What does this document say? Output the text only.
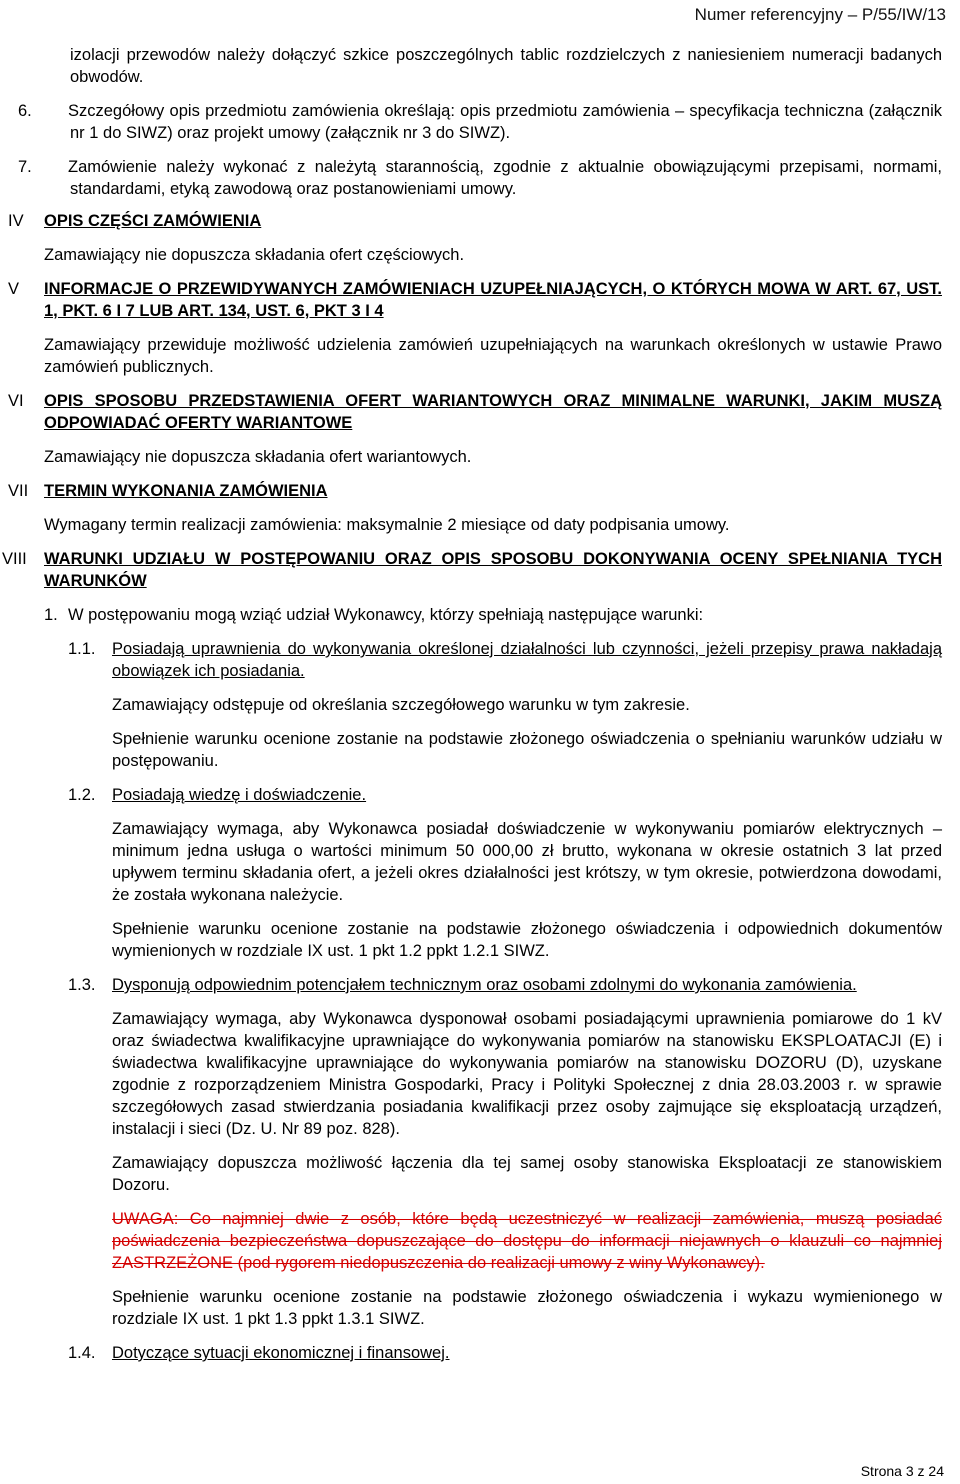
Numer referencyjny – P/55/IW/13

izolacji przewodów należy dołączyć szkice poszczególnych tablic rozdzielczych z naniesieniem numeracji badanych obwodów.

6. Szczegółowy opis przedmiotu zamówienia określają: opis przedmiotu zamówienia – specyfikacja techniczna (załącznik nr 1 do SIWZ) oraz projekt umowy (załącznik nr 3 do SIWZ).

7. Zamówienie należy wykonać z należytą starannością, zgodnie z aktualnie obowiązującymi przepisami, normami, standardami, etyką zawodową oraz postanowieniami umowy.

IV OPIS CZĘŚCI ZAMÓWIENIA

Zamawiający nie dopuszcza składania ofert częściowych.

V INFORMACJE O PRZEWIDYWANYCH ZAMÓWIENIACH UZUPEŁNIAJĄCYCH, O KTÓRYCH MOWA W ART. 67, UST. 1, PKT. 6 I 7 LUB ART. 134, UST. 6, PKT 3 I 4

Zamawiający przewiduje możliwość udzielenia zamówień uzupełniających na warunkach określonych w ustawie Prawo zamówień publicznych.

VI OPIS SPOSOBU PRZEDSTAWIENIA OFERT WARIANTOWYCH ORAZ MINIMALNE WARUNKI, JAKIM MUSZĄ ODPOWIADAĆ OFERTY WARIANTOWE

Zamawiający nie dopuszcza składania ofert wariantowych.

VII TERMIN WYKONANIA ZAMÓWIENIA

Wymagany termin realizacji zamówienia: maksymalnie 2 miesiące od daty podpisania umowy.

VIII WARUNKI UDZIAŁU W POSTĘPOWANIU ORAZ OPIS SPOSOBU DOKONYWANIA OCENY SPEŁNIANIA TYCH WARUNKÓW

1. W postępowaniu mogą wziąć udział Wykonawcy, którzy spełniają następujące warunki:

1.1. Posiadają uprawnienia do wykonywania określonej działalności lub czynności, jeżeli przepisy prawa nakładają obowiązek ich posiadania.

Zamawiający odstępuje od określania szczegółowego warunku w tym zakresie.

Spełnienie warunku ocenione zostanie na podstawie złożonego oświadczenia o spełnianiu warunków udziału w postępowaniu.

1.2. Posiadają wiedzę i doświadczenie.

Zamawiający wymaga, aby Wykonawca posiadał doświadczenie w wykonywaniu pomiarów elektrycznych – minimum jedna usługa o wartości minimum 50 000,00 zł brutto, wykonana w okresie ostatnich 3 lat przed upływem terminu składania ofert, a jeżeli okres działalności jest krótszy, w tym okresie, potwierdzona dowodami, że została wykonana należycie.

Spełnienie warunku ocenione zostanie na podstawie złożonego oświadczenia i odpowiednich dokumentów wymienionych w rozdziale IX ust. 1 pkt 1.2 ppkt 1.2.1 SIWZ.

1.3. Dysponują odpowiednim potencjałem technicznym oraz osobami zdolnymi do wykonania zamówienia.

Zamawiający wymaga, aby Wykonawca dysponował osobami posiadającymi uprawnienia pomiarowe do 1 kV oraz świadectwa kwalifikacyjne uprawniające do wykonywania pomiarów na stanowisku EKSPLOATACJI (E) i świadectwa kwalifikacyjne uprawniające do wykonywania pomiarów na stanowisku DOZORU (D), uzyskane zgodnie z rozporządzeniem Ministra Gospodarki, Pracy i Polityki Społecznej z dnia 28.03.2003 r. w sprawie szczegółowych zasad stwierdzania posiadania kwalifikacji przez osoby zajmujące się eksploatacją urządzeń, instalacji i sieci (Dz. U. Nr 89 poz. 828).

Zamawiający dopuszcza możliwość łączenia dla tej samej osoby stanowiska Eksploatacji ze stanowiskiem Dozoru.

UWAGA: Co najmniej dwie z osób, które będą uczestniczyć w realizacji zamówienia, muszą posiadać poświadczenia bezpieczeństwa dopuszczające do dostępu do informacji niejawnych o klauzuli co najmniej ZASTRZEŻONE (pod rygorem niedopuszczenia do realizacji umowy z winy Wykonawcy).

Spełnienie warunku ocenione zostanie na podstawie złożonego oświadczenia i wykazu wymienionego w rozdziale IX ust. 1 pkt 1.3 ppkt 1.3.1 SIWZ.

1.4. Dotyczące sytuacji ekonomicznej i finansowej.
Strona 3 z 24
